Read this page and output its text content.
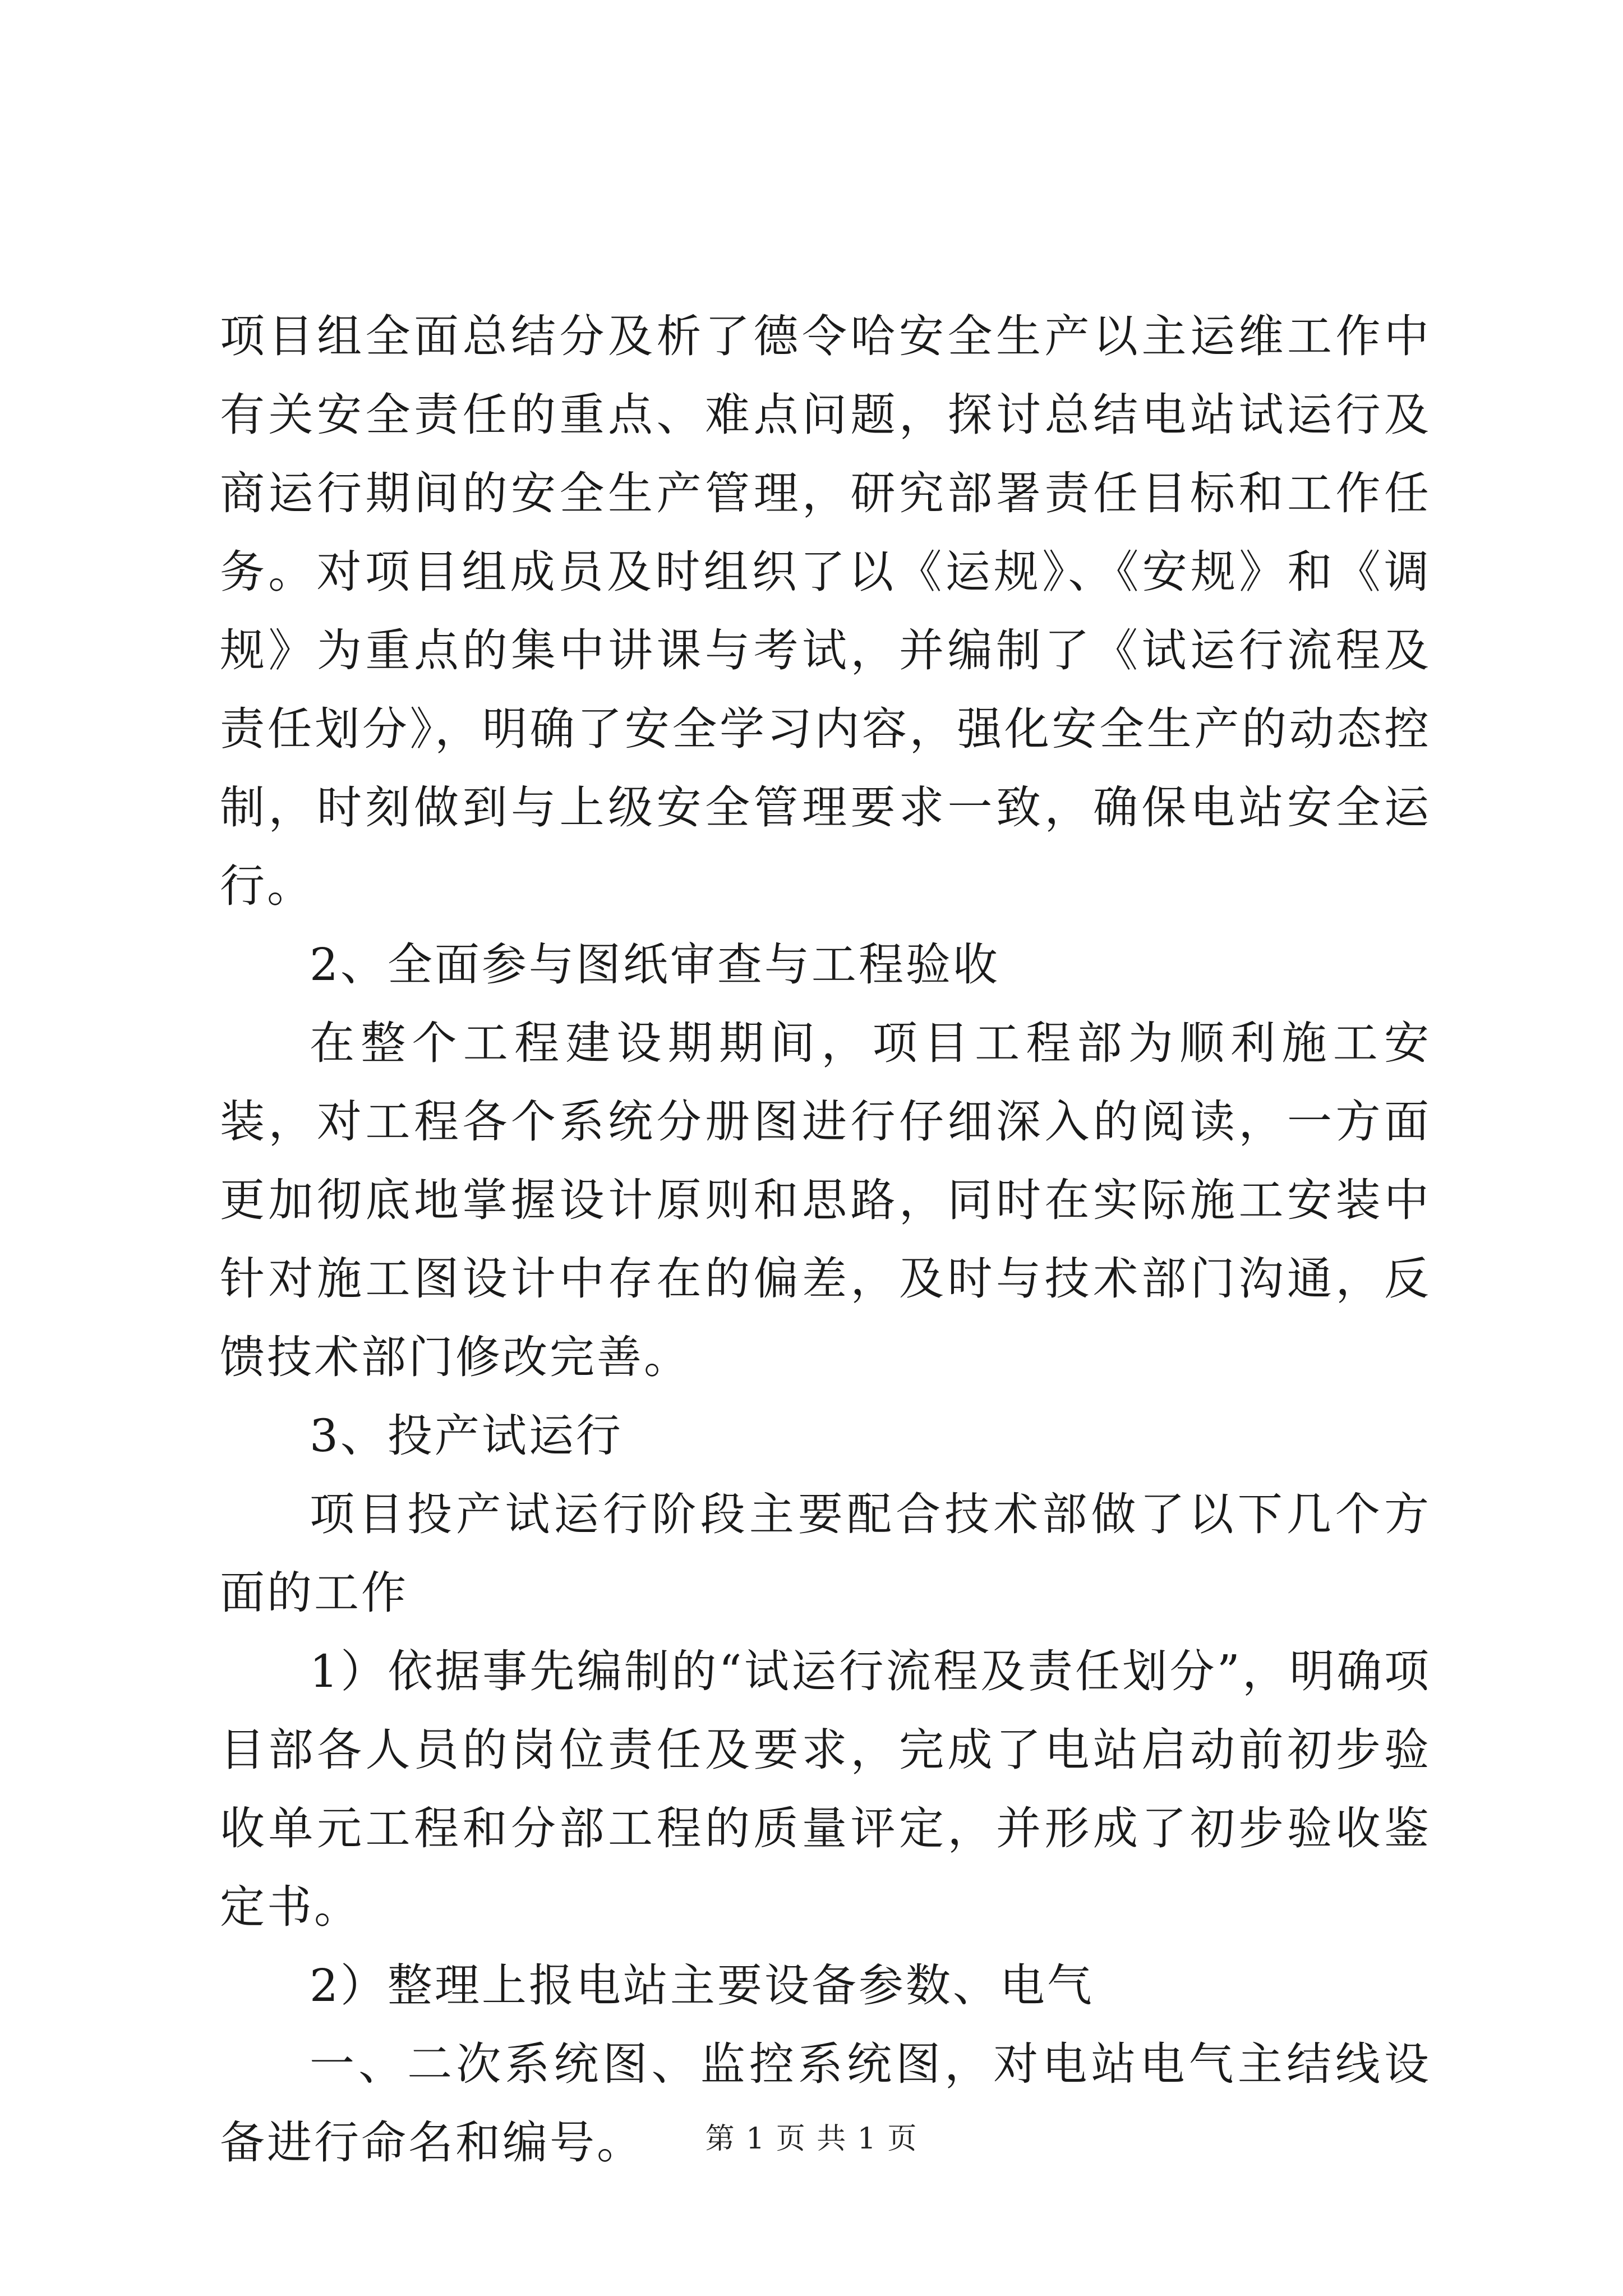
项目组全面总结分及析了德令哈安全生产以主运维工作中有关安全责任的重点、难点问题，探讨总结电站试运行及商运行期间的安全生产管理，研究部署责任目标和工作任务。对项目组成员及时组织了以《运规》、《安规》和《调规》为重点的集中讲课与考试，并编制了《试运行流程及责任划分》，明确了安全学习内容，强化安全生产的动态控制，时刻做到与上级安全管理要求一致，确保电站安全运行。

2、全面参与图纸审查与工程验收

在整个工程建设期期间，项目工程部为顺利施工安装，对工程各个系统分册图进行仔细深入的阅读，一方面更加彻底地掌握设计原则和思路，同时在实际施工安装中针对施工图设计中存在的偏差，及时与技术部门沟通，反馈技术部门修改完善。

3、投产试运行

项目投产试运行阶段主要配合技术部做了以下几个方面的工作

1）依据事先编制的“试运行流程及责任划分”，明确项目部各人员的岗位责任及要求，完成了电站启动前初步验收单元工程和分部工程的质量评定，并形成了初步验收鉴定书。

2）整理上报电站主要设备参数、电气

一、二次系统图、监控系统图，对电站电气主结线设备进行命名和编号。	第 1 页 共 1 页
